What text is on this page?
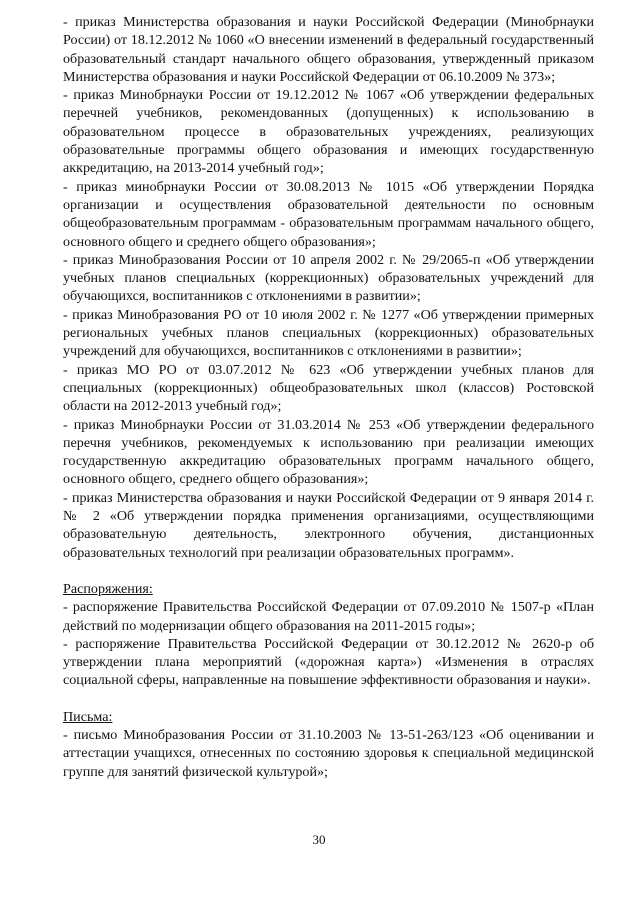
- приказ Министерства образования и науки Российской Федерации (Минобрнауки России) от 18.12.2012 № 1060 «О внесении изменений в федеральный государственный образовательный стандарт начального общего образования, утвержденный приказом Министерства образования и науки Российской Федерации от 06.10.2009 № 373»;

- приказ Минобрнауки России от 19.12.2012 № 1067 «Об утверждении федеральных перечней учебников, рекомендованных (допущенных) к использованию в образовательном процессе в образовательных учреждениях, реализующих образовательные программы общего образования и имеющих государственную аккредитацию, на 2013-2014 учебный год»;

- приказ минобрнауки России от 30.08.2013 № 1015 «Об утверждении Порядка организации и осуществления образовательной деятельности по основным общеобразовательным программам - образовательным программам начального общего, основного общего и среднего общего образования»;

- приказ Минобразования России от 10 апреля 2002 г. № 29/2065-п «Об утверждении учебных планов специальных (коррекционных) образовательных учреждений для обучающихся, воспитанников с отклонениями в развитии»;

- приказ Минобразования РО от 10 июля 2002 г. № 1277 «Об утверждении примерных региональных учебных планов специальных (коррекционных) образовательных учреждений для обучающихся, воспитанников с отклонениями в развитии»;

- приказ МО РО от 03.07.2012 № 623 «Об утверждении учебных планов для специальных (коррекционных) общеобразовательных школ (классов) Ростовской области на 2012-2013 учебный год»;

- приказ Минобрнауки России от 31.03.2014 № 253 «Об утверждении федерального перечня учебников, рекомендуемых к использованию при реализации имеющих государственную аккредитацию образовательных программ начального общего, основного общего, среднего общего образования»;

- приказ Министерства образования и науки Российской Федерации от 9 января 2014 г. № 2 «Об утверждении порядка применения организациями, осуществляющими образовательную деятельность, электронного обучения, дистанционных образовательных технологий при реализации образовательных программ».

Распоряжения:

- распоряжение Правительства Российской Федерации от 07.09.2010 № 1507-р «План действий по модернизации общего образования на 2011-2015 годы»;

- распоряжение Правительства Российской Федерации от 30.12.2012 № 2620-р об утверждении плана мероприятий («дорожная карта») «Изменения в отраслях социальной сферы, направленные на повышение эффективности образования и науки».

Письма:

- письмо Минобразования России от 31.10.2003 № 13-51-263/123 «Об оценивании и аттестации учащихся, отнесенных по состоянию здоровья к специальной медицинской группе для занятий физической культурой»;

30
